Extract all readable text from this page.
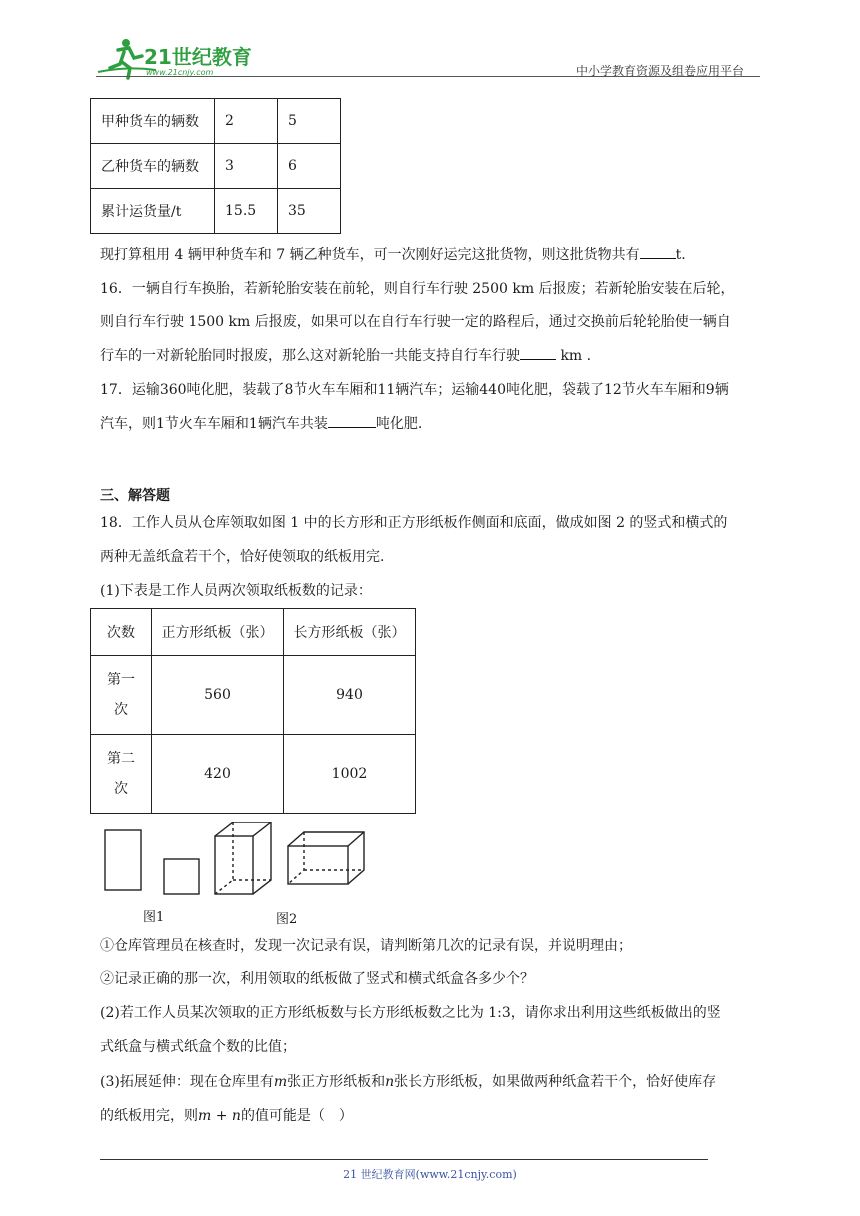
21世纪教育
www.21cnjy.com	中小学教育资源及组卷应用平台
甲种货车的辆数	2	5
乙种货车的辆数	3	6
累计运货量/t	15.5	35
现打算租用 4 辆甲种货车和 7 辆乙种货车，可一次刚好运完这批货物，则这批货物共有	t.
16．一辆自行车换胎，若新轮胎安装在前轮，则自行车行驶 2500 km 后报废；若新轮胎安装在后轮，
则自行车行驶 1500 km 后报废，如果可以在自行车行驶一定的路程后，通过交换前后轮轮胎使一辆自
行车的一对新轮胎同时报废，那么这对新轮胎一共能支持自行车行驶	km .
17．运输360吨化肥，装载了8节火车车厢和11辆汽车；运输440吨化肥，袋载了12节火车车厢和9辆
汽车，则1节火车车厢和1辆汽车共装	吨化肥.
三、解答题
18．工作人员从仓库领取如图 1 中的长方形和正方形纸板作侧面和底面，做成如图 2 的竖式和横式的
两种无盖纸盒若干个，恰好使领取的纸板用完.
(1)下表是工作人员两次领取纸板数的记录：
次数	正方形纸板（张）	长方形纸板（张）
第一
次	560	940
第二
次	420	1002
图1	图2
①仓库管理员在核查时，发现一次记录有误，请判断第几次的记录有误，并说明理由；
②记录正确的那一次，利用领取的纸板做了竖式和横式纸盒各多少个？
(2)若工作人员某次领取的正方形纸板数与长方形纸板数之比为 1:3，请你求出利用这些纸板做出的竖
式纸盒与横式纸盒个数的比值；
(3)拓展延伸：现在仓库里有m张正方形纸板和n张长方形纸板，如果做两种纸盒若干个，恰好使库存
的纸板用完，则m + n的值可能是（　）
21 世纪教育网(www.21cnjy.com)
